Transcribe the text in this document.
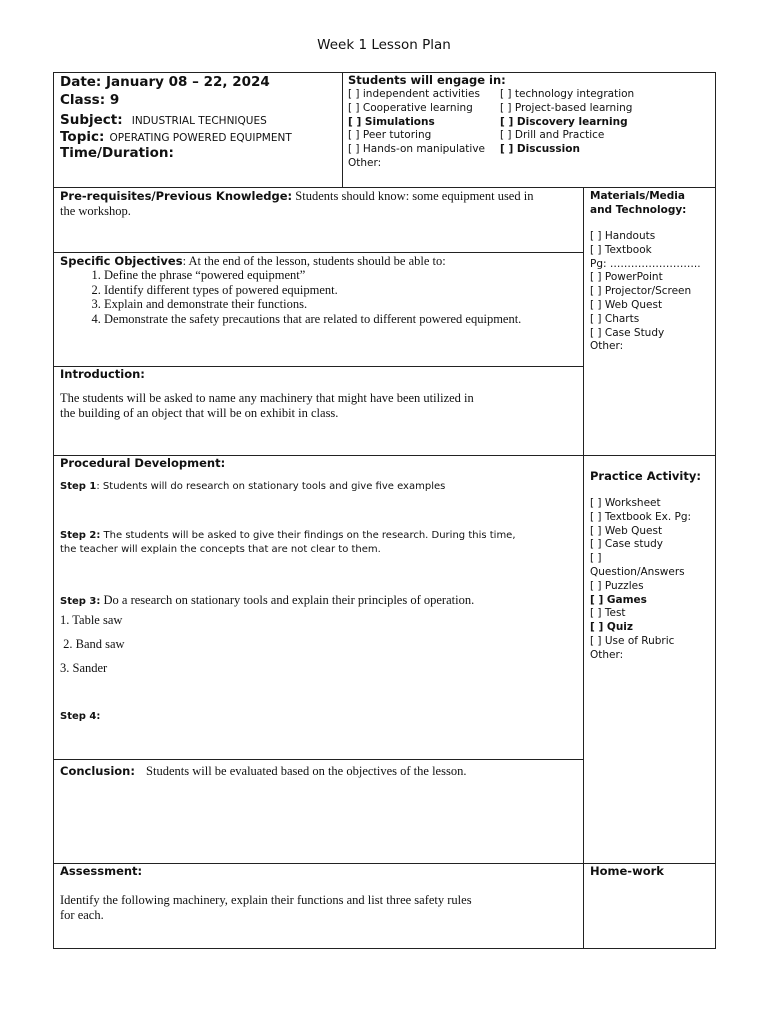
Week 1 Lesson Plan
Date: January 08 – 22, 2024
Class: 9
Subject: INDUSTRIAL TECHNIQUES
Topic: OPERATING POWERED EQUIPMENT
Time/Duration:
Students will engage in:
[ ] independent activities
[ ] Cooperative learning
[ ] Simulations
[ ] Peer tutoring
[ ] Hands-on manipulative
Other:
[ ] technology integration
[ ] Project-based learning
[ ] Discovery learning
[ ] Drill and Practice
[ ] Discussion
Pre-requisites/Previous Knowledge: Students should know: some equipment used in
the workshop.
Specific Objectives: At the end of the lesson, students should be able to:
1. Define the phrase “powered equipment”
2. Identify different types of powered equipment.
3. Explain and demonstrate their functions.
4. Demonstrate the safety precautions that are related to different powered equipment.
Materials/Media
and Technology:
[ ] Handouts
[ ] Textbook
Pg: ……………………..
[ ] PowerPoint
[ ] Projector/Screen
[ ] Web Quest
[ ] Charts
[ ] Case Study
Other:
Introduction:
The students will be asked to name any machinery that might have been utilized in
the building of an object that will be on exhibit in class.
Procedural Development:
Step 1: Students will do research on stationary tools and give five examples
Step 2: The students will be asked to give their findings on the research. During this time,
the teacher will explain the concepts that are not clear to them.
Step 3: Do a research on stationary tools and explain their principles of operation.
1. Table saw
2. Band saw
3. Sander
Step 4:
Practice Activity:
[ ] Worksheet
[ ] Textbook Ex. Pg:
[ ] Web Quest
[ ] Case study
[ ]
Question/Answers
[ ] Puzzles
[ ] Games
[ ] Test
[ ] Quiz
[ ] Use of Rubric
Other:
Conclusion: Students will be evaluated based on the objectives of the lesson.
Assessment:
Identify the following machinery, explain their functions and list three safety rules
for each.
Home-work
